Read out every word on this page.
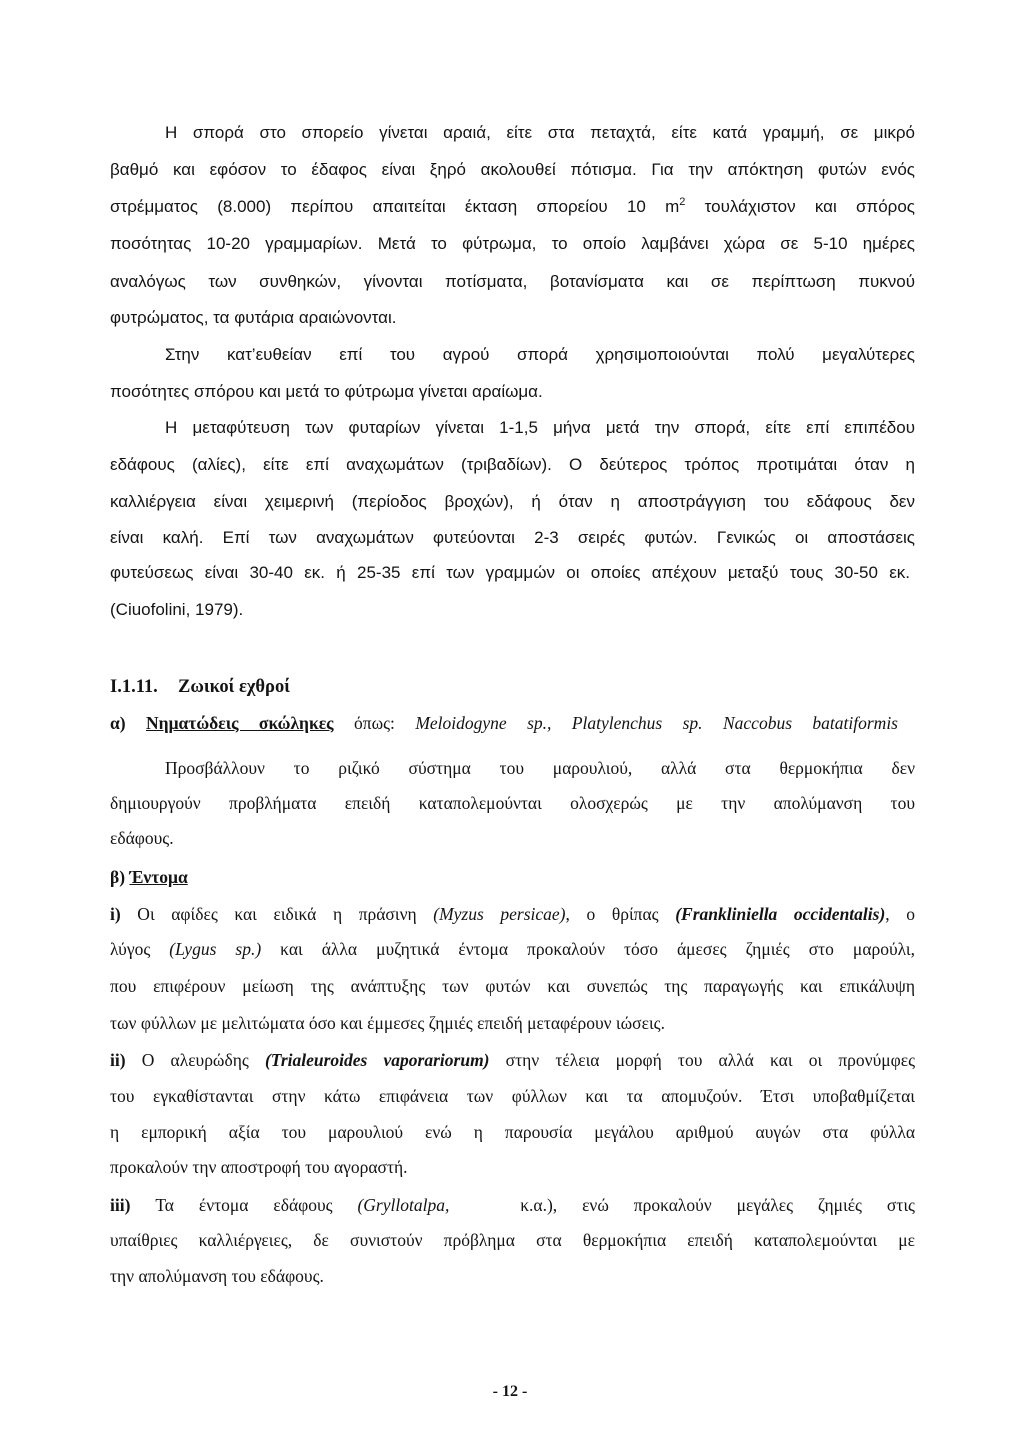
Η σπορά στο σπορείο γίνεται αραιά, είτε στα πεταχτά, είτε κατά γραμμή, σε μικρό
βαθμό και εφόσον το έδαφος είναι ξηρό ακολουθεί πότισμα. Για την απόκτηση φυτών ενός
στρέμματος (8.000) περίπου απαιτείται έκταση σπορείου 10 $m^2$ τουλάχιστον και σπόρος
ποσότητας 10-20 γραμμαρίων. Μετά το φύτρωμα, το οποίο λαμβάνει χώρα σε 5-10 ημέρες
αναλόγως των συνθηκών, γίνονται ποτίσματα, βοτανίσματα και σε περίπτωση πυκνού
φυτρώματος, τα φυτάρια αραιώνονται.
Στην κατ’ευθείαν επί του αγρού σπορά χρησιμοποιούνται πολύ μεγαλύτερες
ποσότητες σπόρου και μετά το φύτρωμα γίνεται αραίωμα.
Η μεταφύτευση των φυταρίων γίνεται 1-1,5 μήνα μετά την σπορά, είτε επί επιπέδου
εδάφους (αλίες), είτε επί αναχωμάτων (τριβαδίων). Ο δεύτερος τρόπος προτιμάται όταν η
καλλιέργεια είναι χειμερινή (περίοδος βροχών), ή όταν η αποστράγγιση του εδάφους δεν
είναι καλή. Επί των αναχωμάτων φυτεύονται 2-3 σειρές φυτών. Γενικώς οι αποστάσεις
φυτεύσεως είναι 30-40 εκ. ή 25-35 επί των γραμμών οι οποίες απέχουν μεταξύ τους 30-50 εκ.
(Ciuofolini, 1979).
I.1.11. Ζωικοί εχθροί
α) Νηματώδεις σκώληκες όπως: Meloidogyne sp., Platylenchus sp. Naccobus batatiformis
Προσβάλλουν το ριζικό σύστημα του μαρουλιού, αλλά στα θερμοκήπια δεν
δημιουργούν προβλήματα επειδή καταπολεμούνται ολοσχερώς με την απολύμανση του
εδάφους.
β) Έντομα
i) Οι αφίδες και ειδικά η πράσινη (Myzus persicae), ο θρίπας (Frankliniella occidentalis), ο
λύγος (Lygus sp.) και άλλα μυζητικά έντομα προκαλούν τόσο άμεσες ζημιές στο μαρούλι,
που επιφέρουν μείωση της ανάπτυξης των φυτών και συνεπώς της παραγωγής και επικάλυψη
των φύλλων με μελιτώματα όσο και έμμεσες ζημιές επειδή μεταφέρουν ιώσεις.
ii) Ο αλευρώδης (Trialeuroides vaporariorum) στην τέλεια μορφή του αλλά και οι προνύμφες
του εγκαθίστανται στην κάτω επιφάνεια των φύλλων και τα απομυζούν. Έτσι υποβαθμίζεται
η εμπορική αξία του μαρουλιού ενώ η παρουσία μεγάλου αριθμού αυγών στα φύλλα
προκαλούν την αποστροφή του αγοραστή.
iii) Τα έντομα εδάφους (Gryllotalpa,	κ.α.), ενώ προκαλούν μεγάλες ζημιές στις
υπαίθριες καλλιέργειες, δε συνιστούν πρόβλημα στα θερμοκήπια επειδή καταπολεμούνται με
την απολύμανση του εδάφους.
- 12 -
